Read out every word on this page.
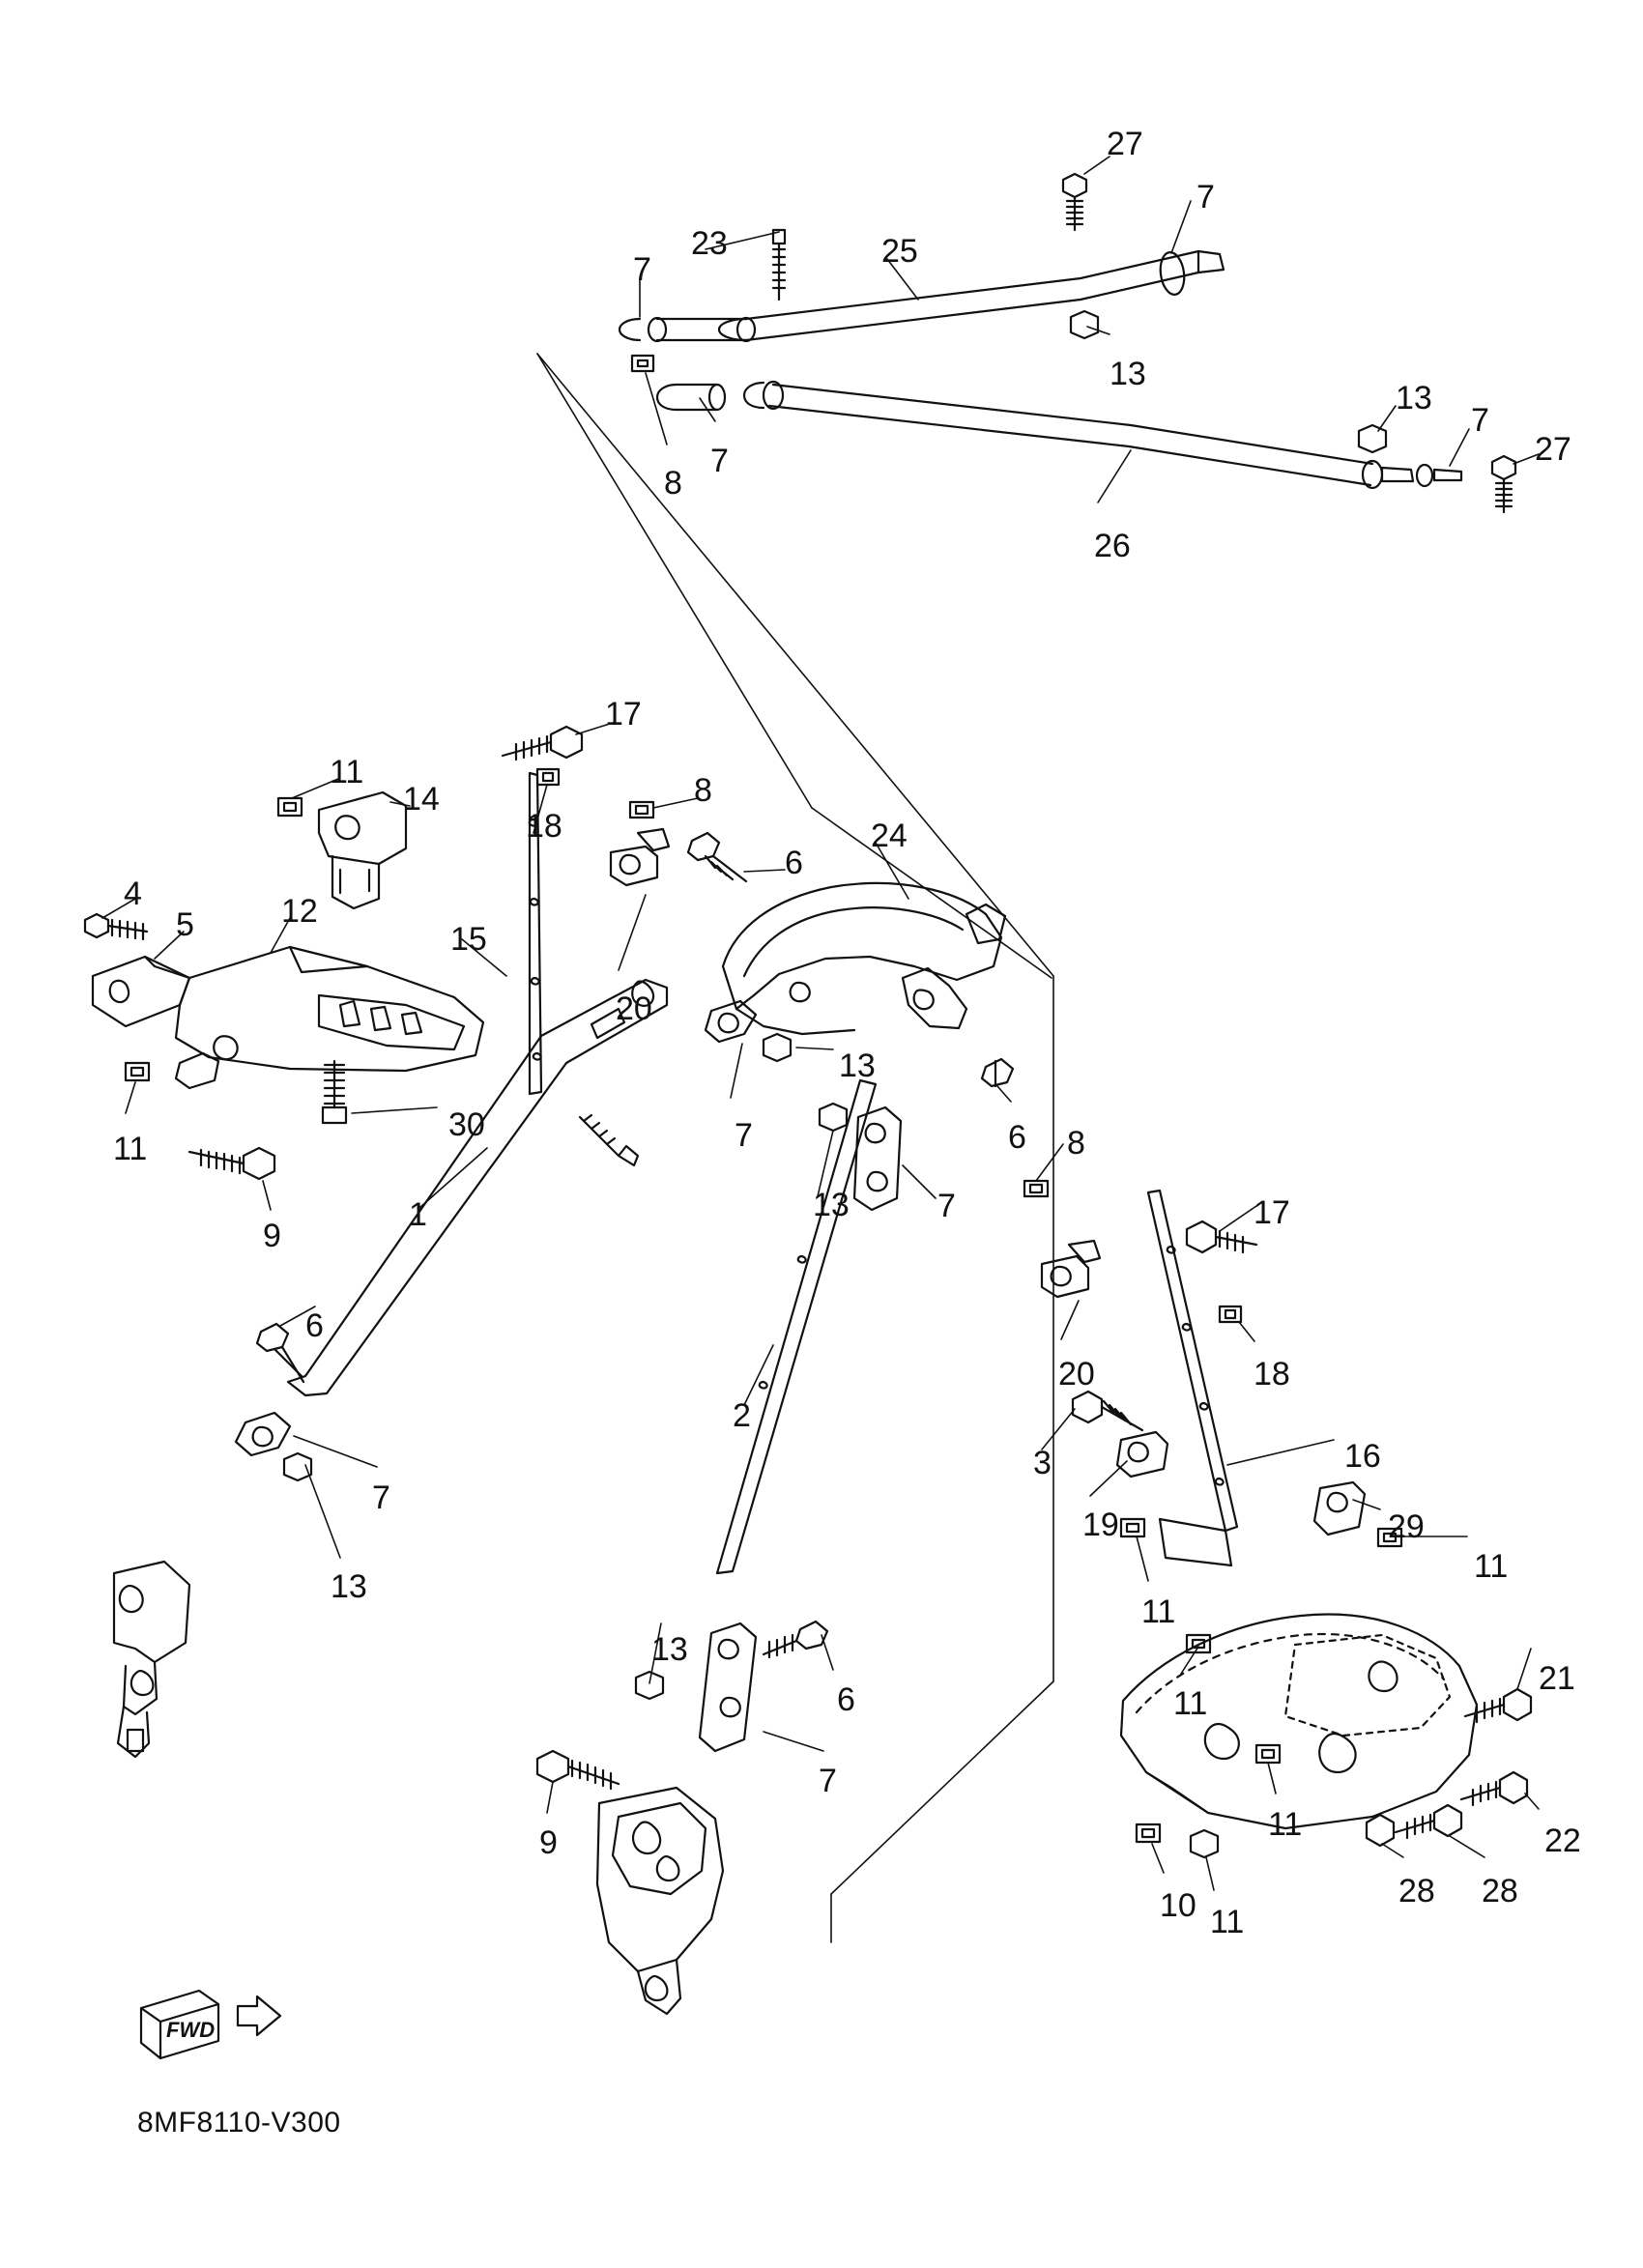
FWD
8MF8110-V300
27
7
23	25
7
13
13
7
27
7
8
26
17
11
14	8
18	24
4
5	12
6
15
20
13
11
30	7	6 8
9
13	7	17
1
20	18
6
2
3	16
7
19	29
11
13
11
13
6
21
11
9
7
11	22
10 11
28 28
